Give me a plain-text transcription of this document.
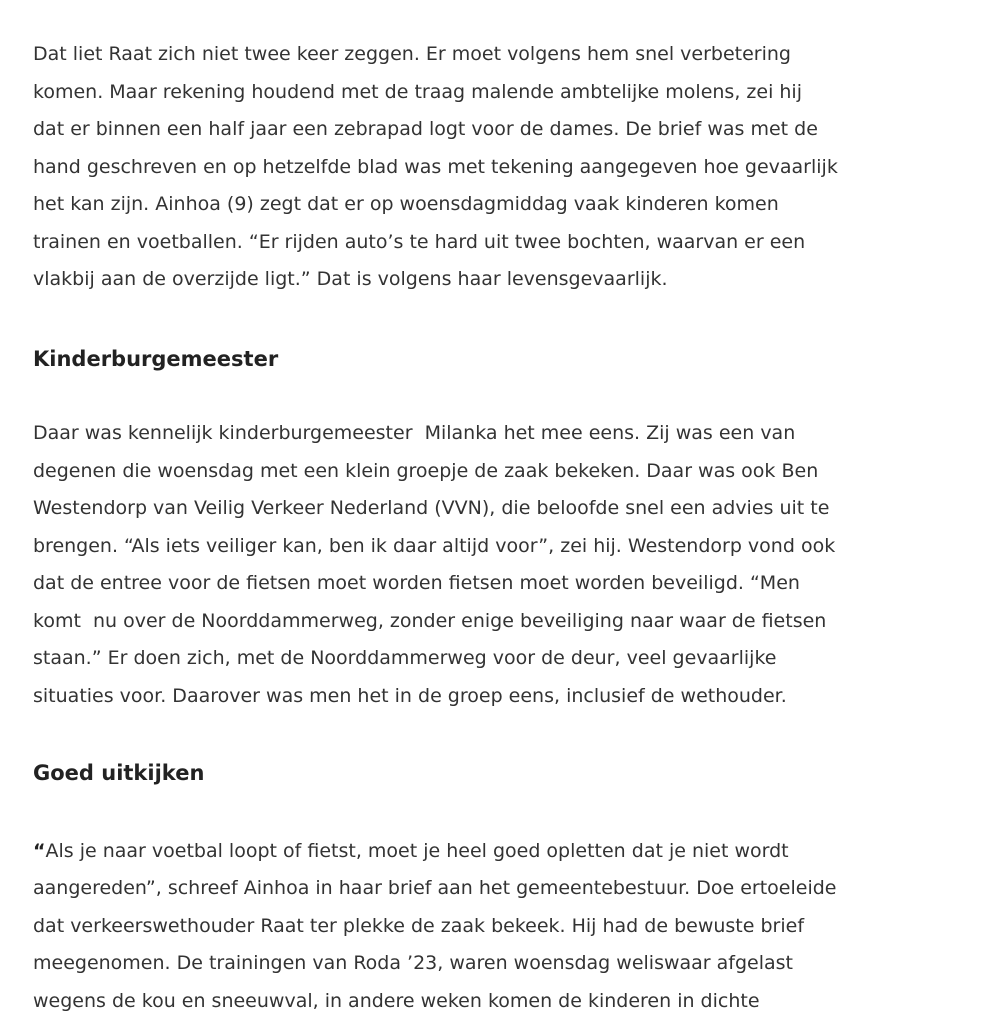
Dat liet Raat zich niet twee keer zeggen. Er moet volgens hem snel verbetering
komen. Maar rekening houdend met de traag malende ambtelijke molens, zei hij
dat er binnen een half jaar een zebrapad logt voor de dames. De brief was met de
hand geschreven en op hetzelfde blad was met tekening aangegeven hoe gevaarlijk
het kan zijn. Ainhoa (9) zegt dat er op woensdagmiddag vaak kinderen komen
trainen en voetballen. “Er rijden auto’s te hard uit twee bochten, waarvan er een
vlakbij aan de overzijde ligt.” Dat is volgens haar levensgevaarlijk.
Kinderburgemeester
Daar was kennelijk kinderburgemeester  Milanka het mee eens. Zij was een van
degenen die woensdag met een klein groepje de zaak bekeken. Daar was ook Ben
Westendorp van Veilig Verkeer Nederland (VVN), die beloofde snel een advies uit te
brengen. “Als iets veiliger kan, ben ik daar altijd voor”, zei hij. Westendorp vond ook
dat de entree voor de fietsen moet worden fietsen moet worden beveiligd. “Men
komt  nu over de Noorddammerweg, zonder enige beveiliging naar waar de fietsen
staan.” Er doen zich, met de Noorddammerweg voor de deur, veel gevaarlijke
situaties voor. Daarover was men het in de groep eens, inclusief de wethouder.
Goed uitkijken
“Als je naar voetbal loopt of fietst, moet je heel goed opletten dat je niet wordt
aangereden”, schreef Ainhoa in haar brief aan het gemeentebestuur. Doe ertoeleide
dat verkeerswethouder Raat ter plekke de zaak bekeek. Hij had de bewuste brief
meegenomen. De trainingen van Roda ’23, waren woensdag weliswaar afgelast
wegens de kou en sneeuwval, in andere weken komen de kinderen in dichte
